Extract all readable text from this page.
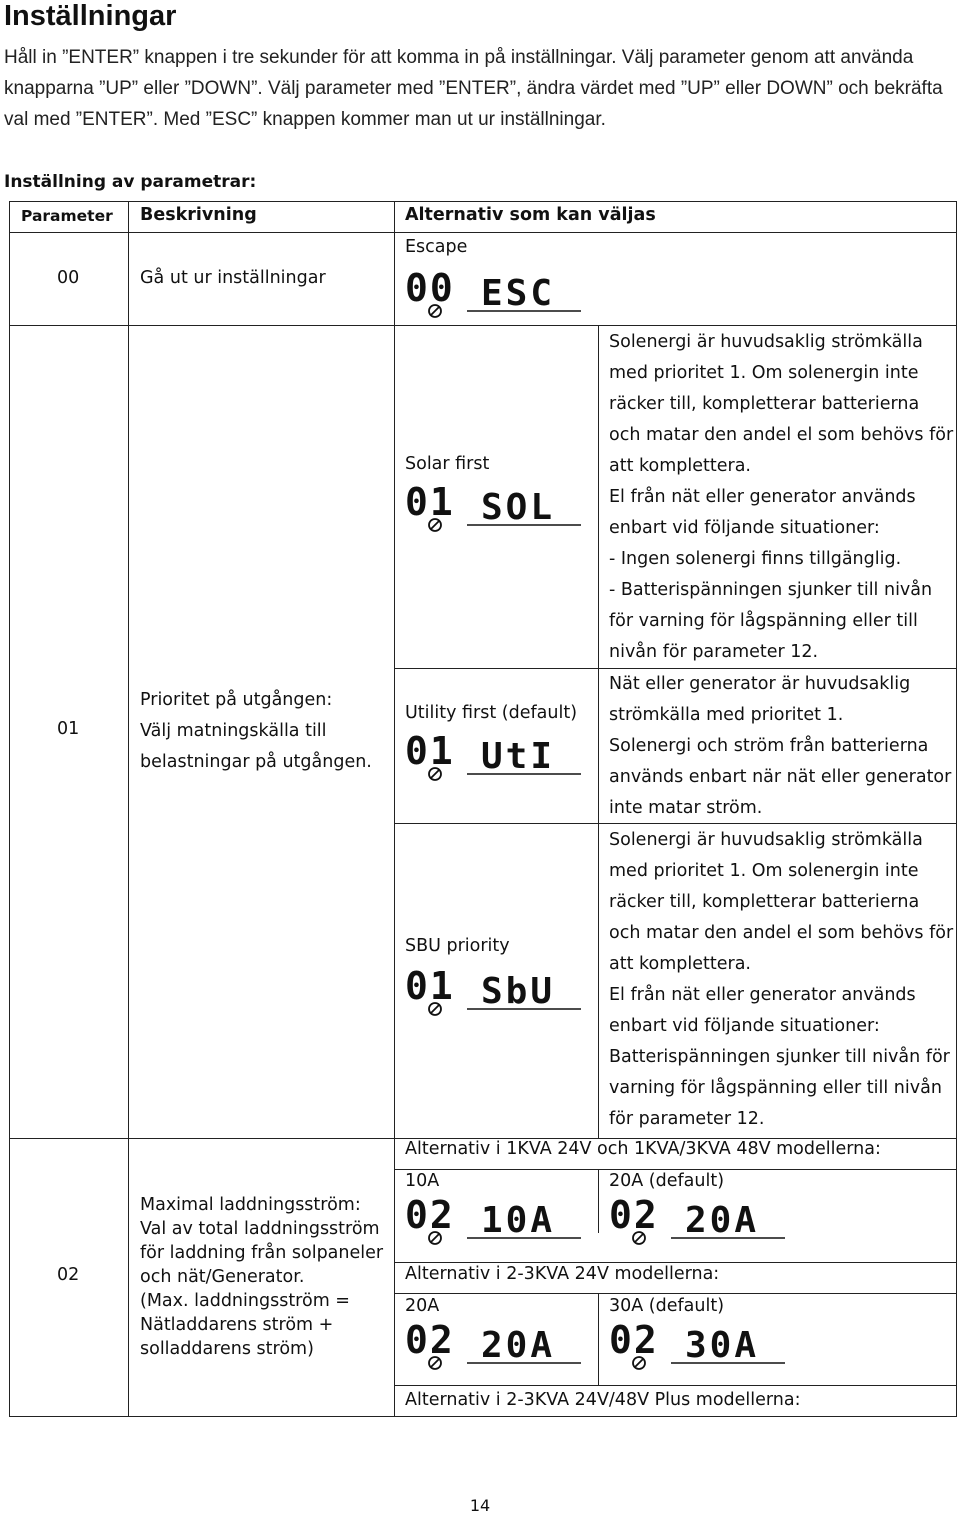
Inställningar
Håll in ”ENTER” knappen i tre sekunder för att komma in på inställningar. Välj parameter genom att använda
knapparna ”UP” eller ”DOWN”. Välj parameter med ”ENTER”, ändra värdet med ”UP” eller DOWN” och bekräfta
val med ”ENTER”. Med ”ESC” knappen kommer man ut ur inställningar.
Inställning av parametrar:
Parameter Beskrivning	Alternativ som kan väljas
00	Gå ut ur inställningar
Escape
00 ESC
01
Prioritet på utgången:
Välj matningskälla till
belastningar på utgången.
Solar first
01 SOL
Solenergi är huvudsaklig strömkälla
med prioritet 1. Om solenergin inte
räcker till, kompletterar batterierna
och matar den andel el som behövs för
att komplettera.
El från nät eller generator används
enbart vid följande situationer:
- Ingen solenergi finns tillgänglig.
- Batterispänningen sjunker till nivån
för varning för lågspänning eller till
nivån för parameter 12.
Utility first (default)
01 UtI
Nät eller generator är huvudsaklig
strömkälla med prioritet 1.
Solenergi och ström från batterierna
används enbart när nät eller generator
inte matar ström.
SBU priority
01 SbU
Solenergi är huvudsaklig strömkälla
med prioritet 1. Om solenergin inte
räcker till, kompletterar batterierna
och matar den andel el som behövs för
att komplettera.
El från nät eller generator används
enbart vid följande situationer:
Batterispänningen sjunker till nivån för
varning för lågspänning eller till nivån
för parameter 12.
02
Maximal laddningsström:
Val av total laddningsström
för laddning från solpaneler
och nät/Generator.
(Max. laddningsström =
Nätladdarens ström +
solladdarens ström)
Alternativ i 1KVA 24V och 1KVA/3KVA 48V modellerna:
10A
02 10A
20A (default)
02 20A
Alternativ i 2-3KVA 24V modellerna:
20A
02 20A
30A (default)
02 30A
Alternativ i 2-3KVA 24V/48V Plus modellerna:
14
